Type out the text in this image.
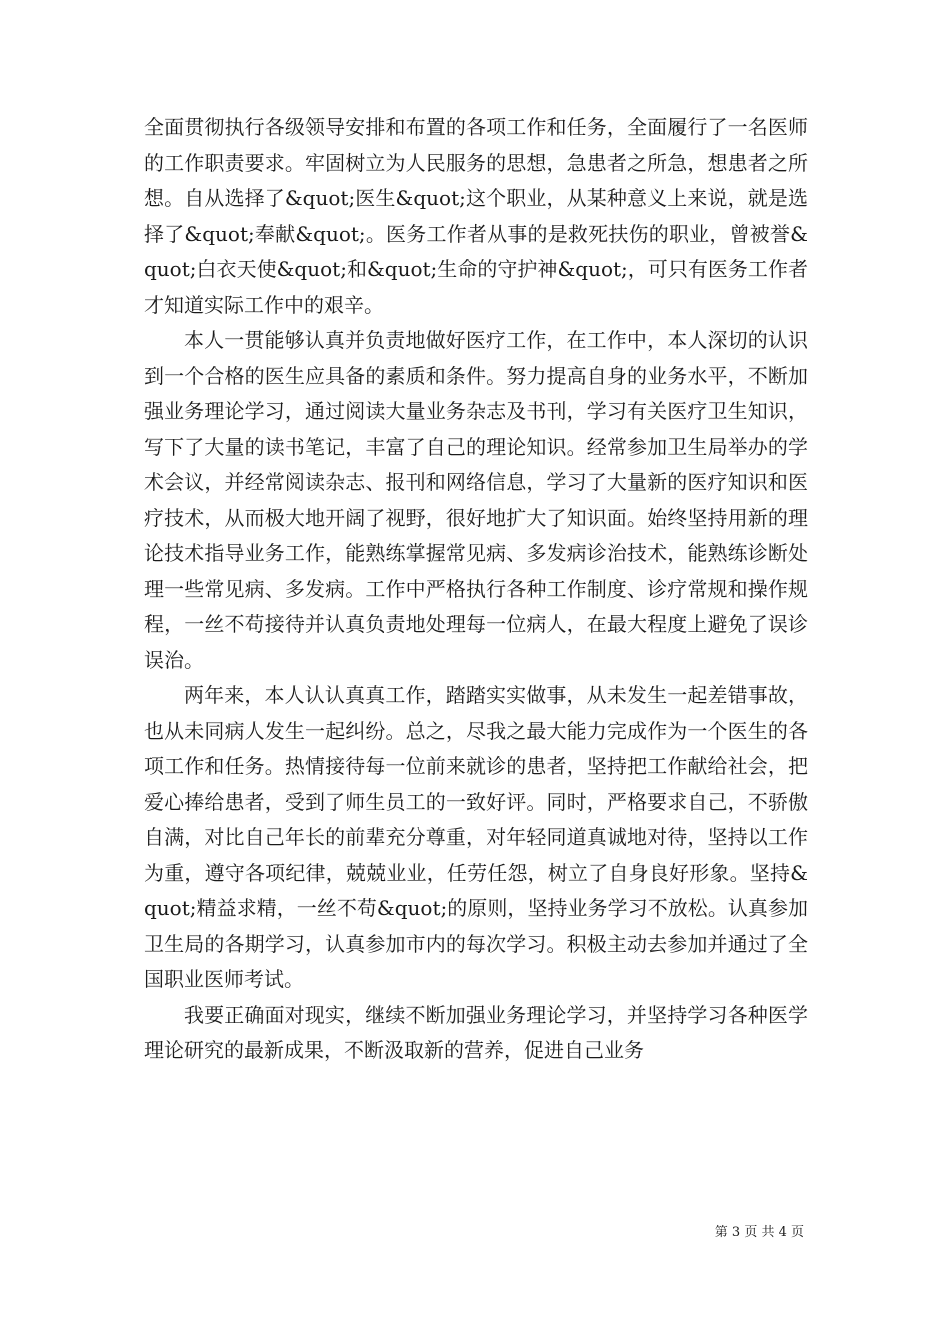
全面贯彻执行各级领导安排和布置的各项工作和任务，全面履行了一名医师的工作职责要求。牢固树立为人民服务的思想，急患者之所急，想患者之所想。自从选择了&quot;医生&quot;这个职业，从某种意义上来说，就是选择了&quot;奉献&quot;。医务工作者从事的是救死扶伤的职业，曾被誉&quot;白衣天使&quot;和&quot;生命的守护神&quot;，可只有医务工作者才知道实际工作中的艰辛。

本人一贯能够认真并负责地做好医疗工作，在工作中，本人深切的认识到一个合格的医生应具备的素质和条件。努力提高自身的业务水平，不断加强业务理论学习，通过阅读大量业务杂志及书刊，学习有关医疗卫生知识，写下了大量的读书笔记，丰富了自己的理论知识。经常参加卫生局举办的学术会议，并经常阅读杂志、报刊和网络信息，学习了大量新的医疗知识和医疗技术，从而极大地开阔了视野，很好地扩大了知识面。始终坚持用新的理论技术指导业务工作，能熟练掌握常见病、多发病诊治技术，能熟练诊断处理一些常见病、多发病。工作中严格执行各种工作制度、诊疗常规和操作规程，一丝不苟接待并认真负责地处理每一位病人，在最大程度上避免了误诊误治。

两年来，本人认认真真工作，踏踏实实做事，从未发生一起差错事故，也从未同病人发生一起纠纷。总之，尽我之最大能力完成作为一个医生的各项工作和任务。热情接待每一位前来就诊的患者，坚持把工作献给社会，把爱心捧给患者，受到了师生员工的一致好评。同时，严格要求自己，不骄傲自满，对比自己年长的前辈充分尊重，对年轻同道真诚地对待，坚持以工作为重，遵守各项纪律，兢兢业业，任劳任怨，树立了自身良好形象。坚持&quot;精益求精，一丝不苟&quot;的原则，坚持业务学习不放松。认真参加卫生局的各期学习，认真参加市内的每次学习。积极主动去参加并通过了全国职业医师考试。

我要正确面对现实，继续不断加强业务理论学习，并坚持学习各种医学理论研究的最新成果，不断汲取新的营养，促进自己业务

第 3 页 共 4 页
